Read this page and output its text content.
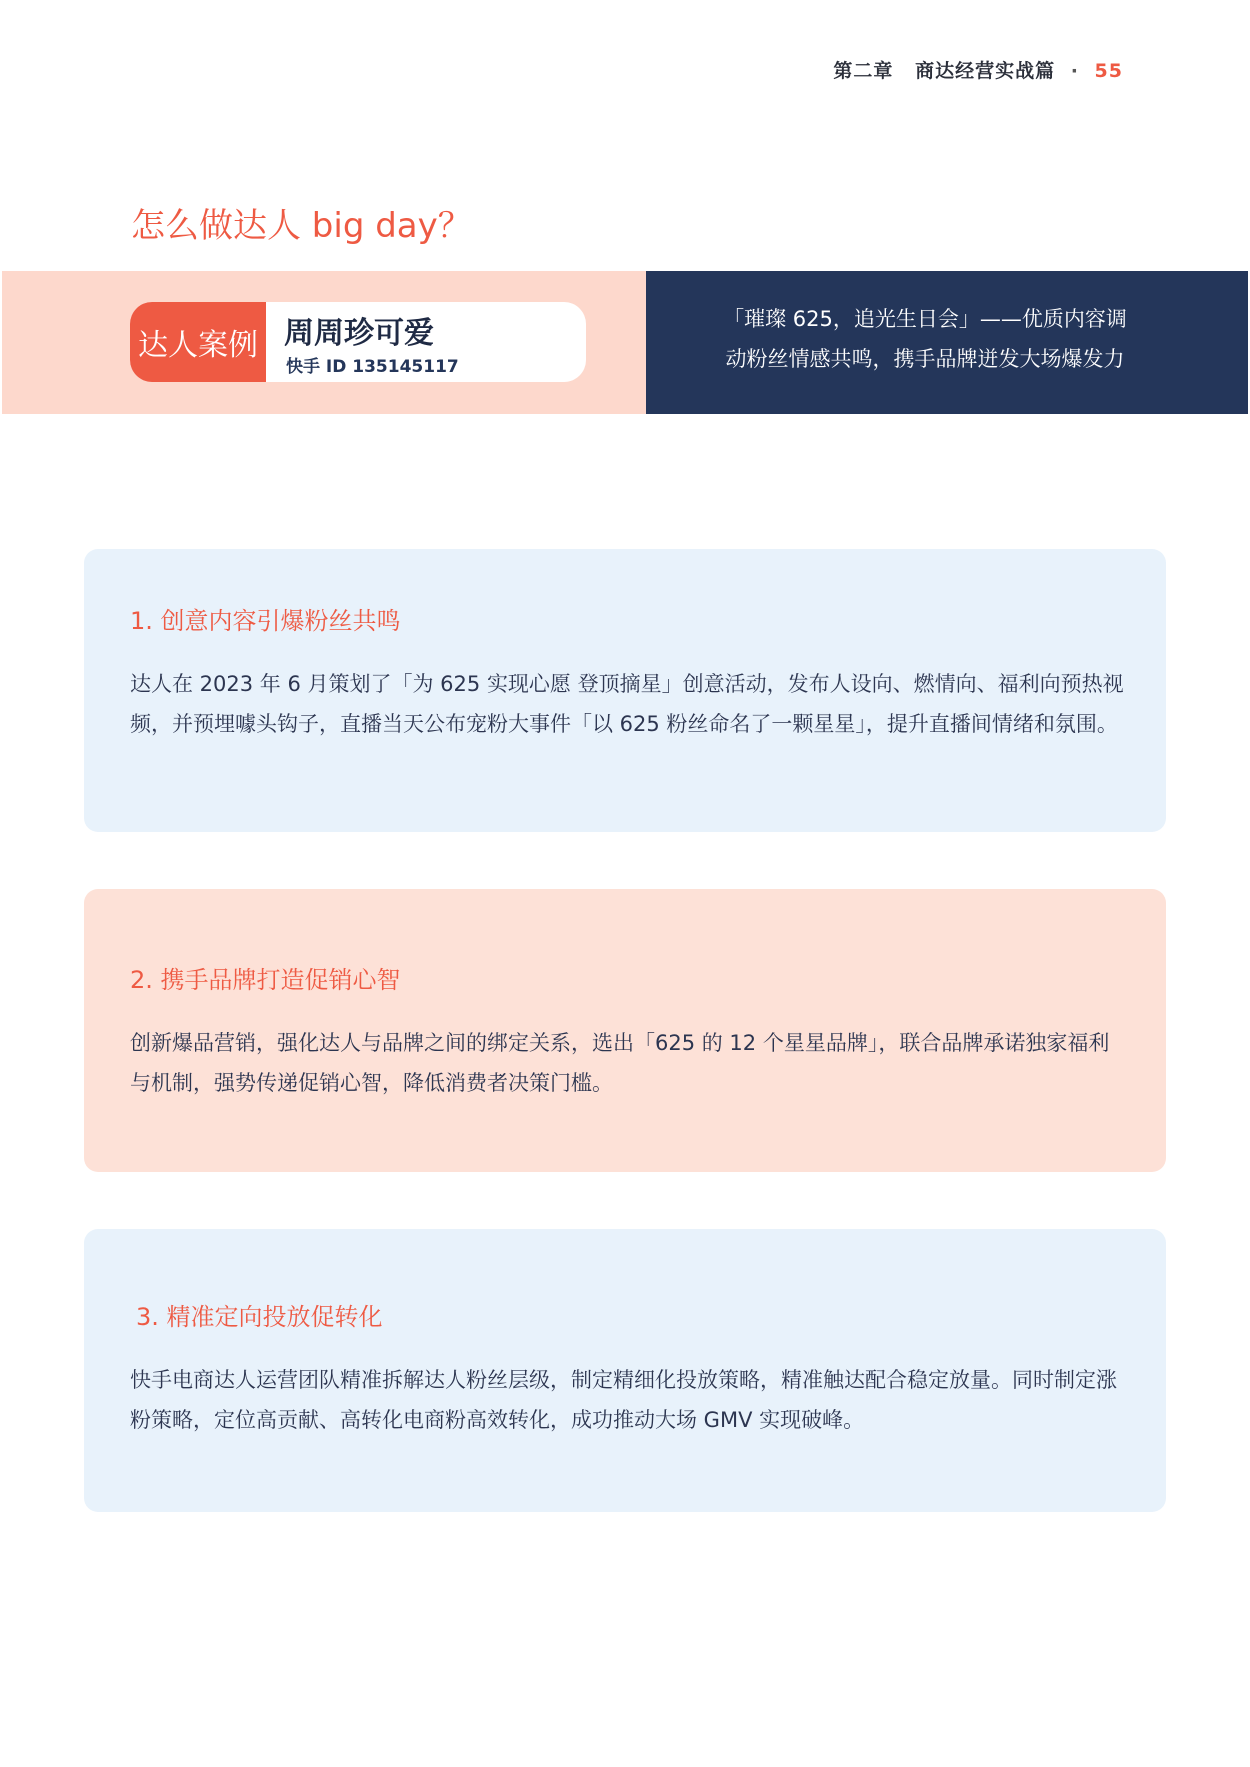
第二章 商达经营实战篇 · 55
怎么做达人 big day？
达人案例 周周珍可爱
快手 ID 135145117
「璀璨 625，追光生日会」——优质内容调
动粉丝情感共鸣，携手品牌迸发大场爆发力
1. 创意内容引爆粉丝共鸣
达人在 2023 年 6 月策划了「为 625 实现心愿 登顶摘星」创意活动，发布人设向、燃情向、福利向预热视频，并预埋噱头钩子，直播当天公布宠粉大事件「以 625 粉丝命名了一颗星星」，提升直播间情绪和氛围。
2. 携手品牌打造促销心智
创新爆品营销，强化达人与品牌之间的绑定关系，选出「625 的 12 个星星品牌」，联合品牌承诺独家福利与机制，强势传递促销心智，降低消费者决策门槛。
3. 精准定向投放促转化
快手电商达人运营团队精准拆解达人粉丝层级，制定精细化投放策略，精准触达配合稳定放量。同时制定涨粉策略，定位高贡献、高转化电商粉高效转化，成功推动大场 GMV 实现破峰。
